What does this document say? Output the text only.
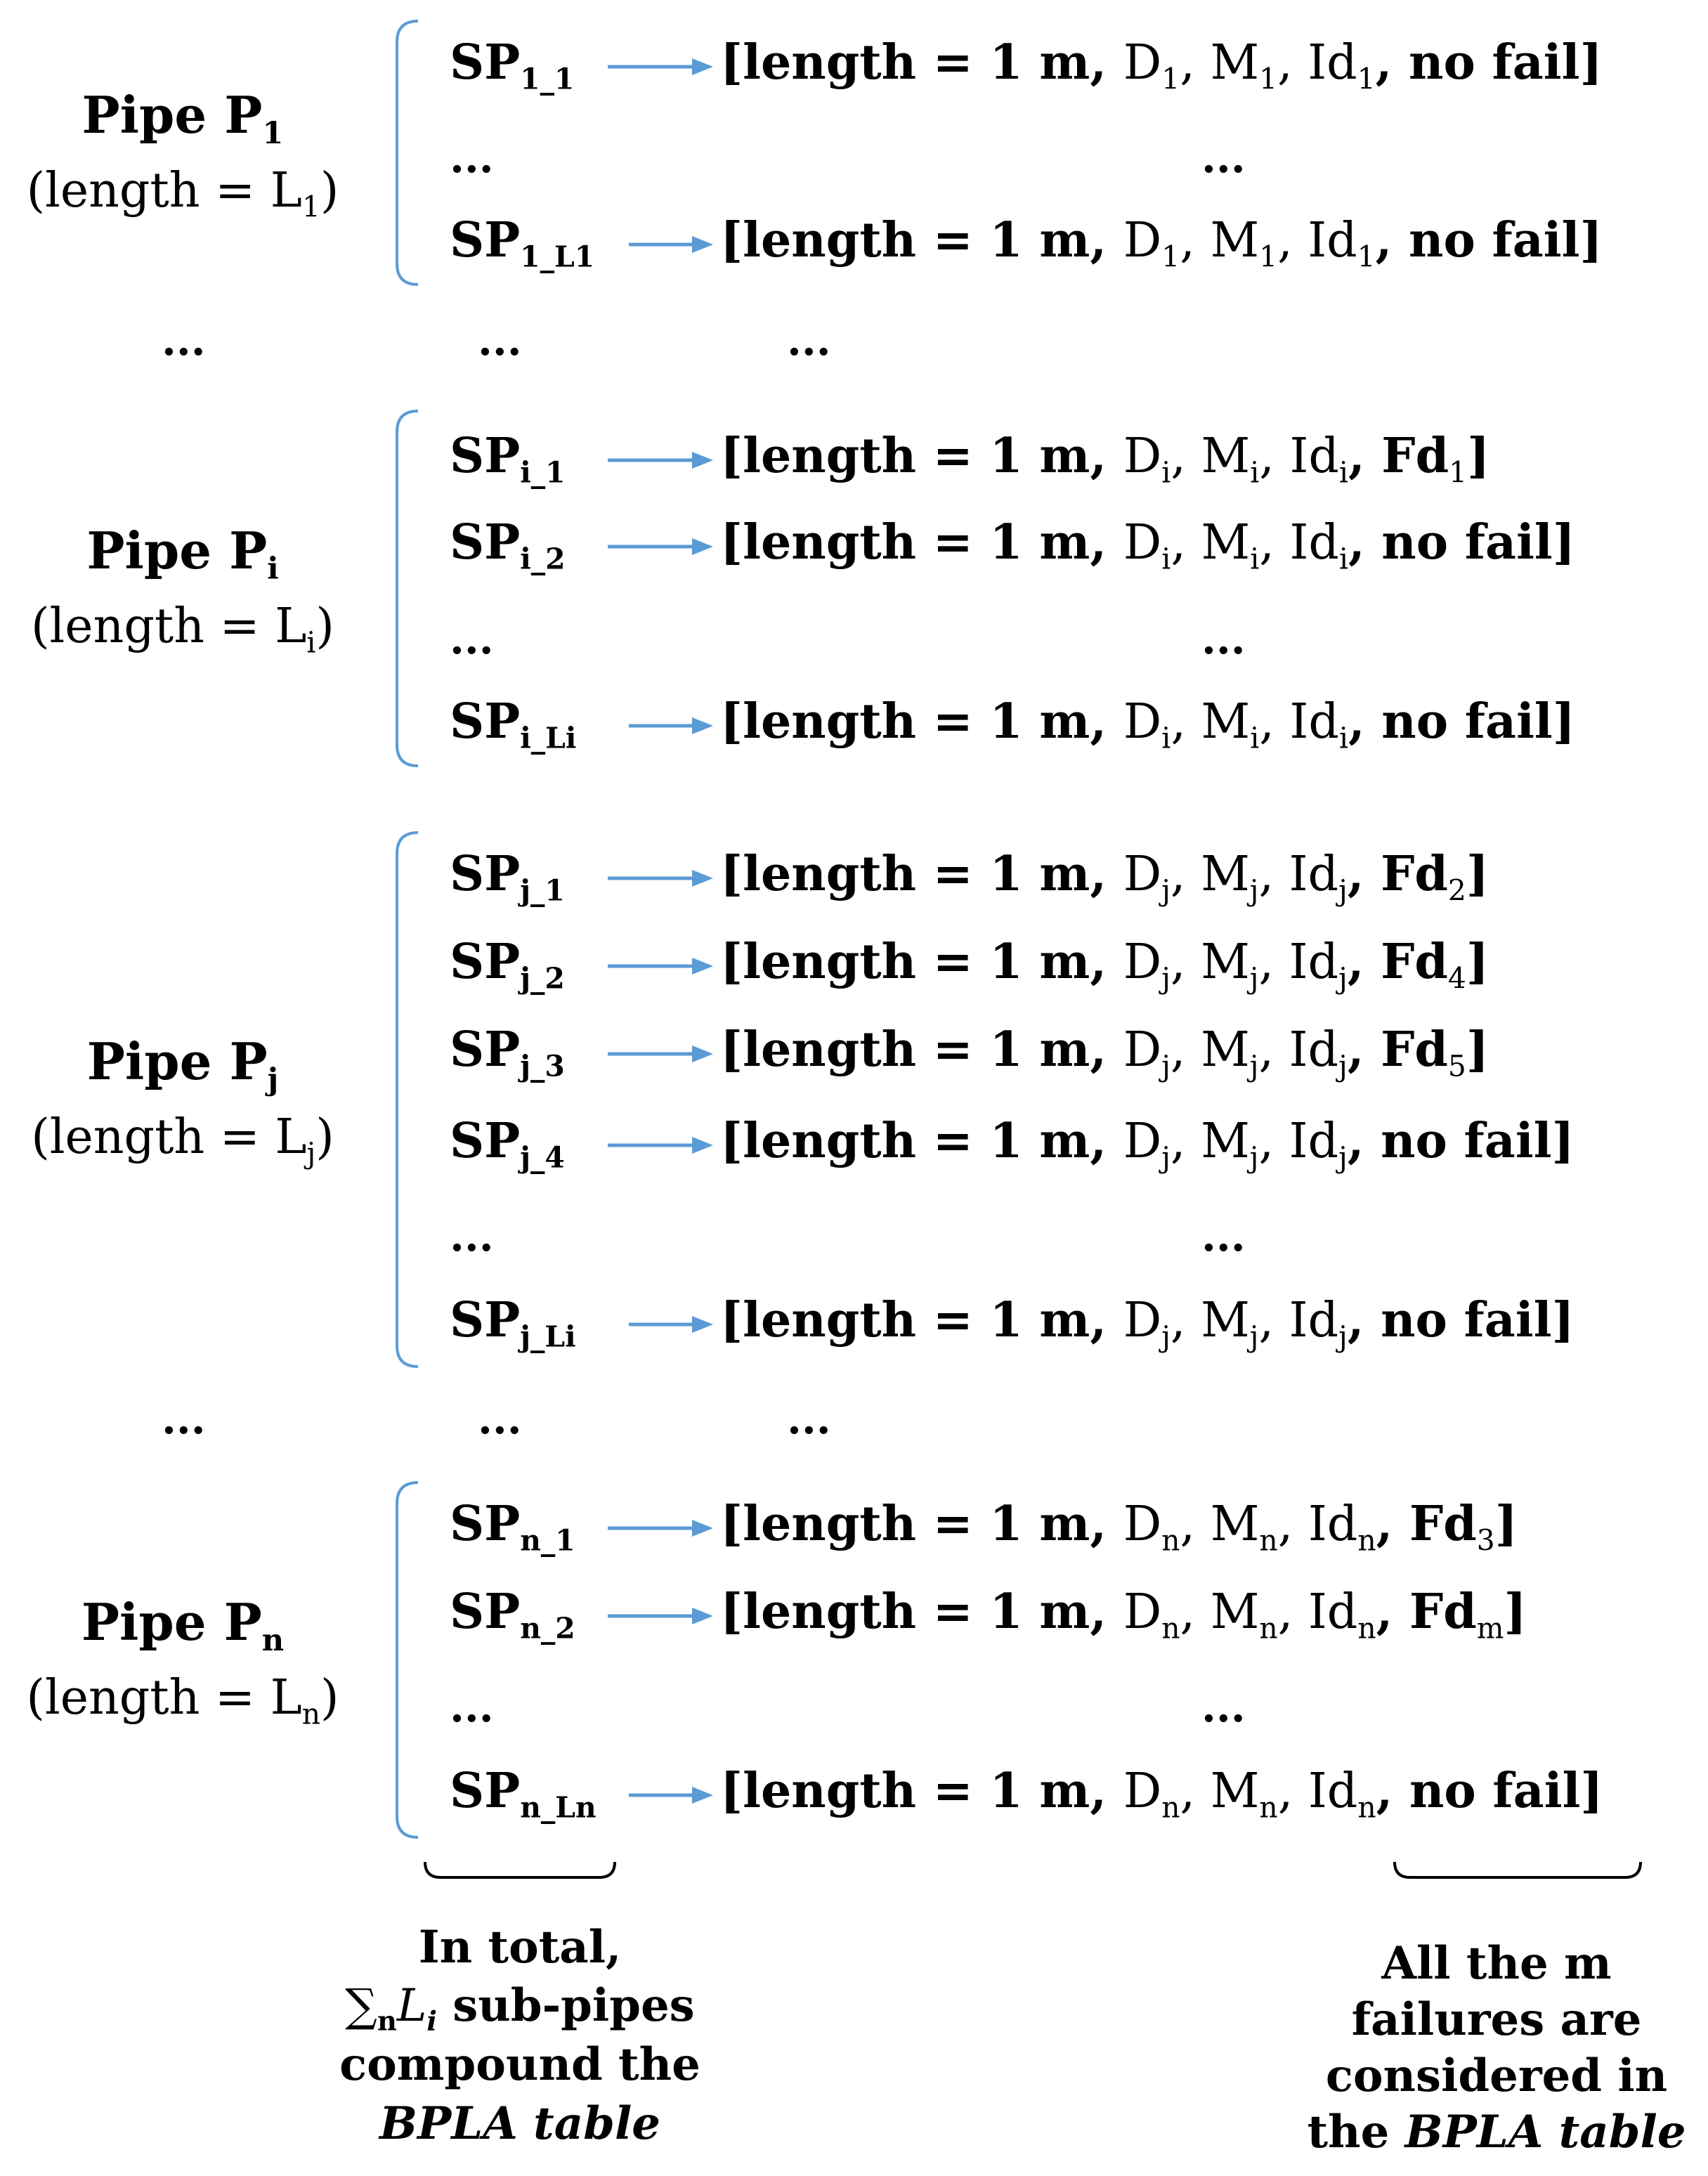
Pipe $P_1$
(length = $L_1$)
$SP_{1\_1}$	[length = 1 m, $D_1$, $M_1$, $Id_1$, no fail]
...	...
$SP_{1\_L1}$	[length = 1 m, $D_1$, $M_1$, $Id_1$, no fail]
Pipe $P_i$
(length = $L_i$)
$SP_{i\_1}$	[length = 1 m, $D_i$, $M_i$, $Id_i$, $Fd_1$]
$SP_{i\_2}$	[length = 1 m, $D_i$, $M_i$, $Id_i$, no fail]
...	...
$SP_{i\_Li}$	[length = 1 m, $D_i$, $M_i$, $Id_i$, no fail]
Pipe $P_j$
(length = $L_j$)
$SP_{j\_1}$	[length = 1 m, $D_j$, $M_j$, $Id_j$, $Fd_2$]
$SP_{j\_2}$	[length = 1 m, $D_j$, $M_j$, $Id_j$, $Fd_4$]
$SP_{j\_3}$	[length = 1 m, $D_j$, $M_j$, $Id_j$, $Fd_5$]
$SP_{j\_4}$	[length = 1 m, $D_j$, $M_j$, $Id_j$, no fail]
...	...
$SP_{j\_Li}$	[length = 1 m, $D_j$, $M_j$, $Id_j$, no fail]
Pipe $P_n$
(length = $L_n$)
$SP_{n\_1}$	[length = 1 m, $D_n$, $M_n$, $Id_n$, $Fd_3$]
$SP_{n\_2}$	[length = 1 m, $D_n$, $M_n$, $Id_n$, $Fd_m$]
...	...
$SP_{n\_Ln}$	[length = 1 m, $D_n$, $M_n$, $Id_n$, no fail]
...	...	...
...	...	...
In total,
$\sum_nL_i$ sub-pipes
compound the
BPLA table
All the m
failures are
considered in
the BPLA table
